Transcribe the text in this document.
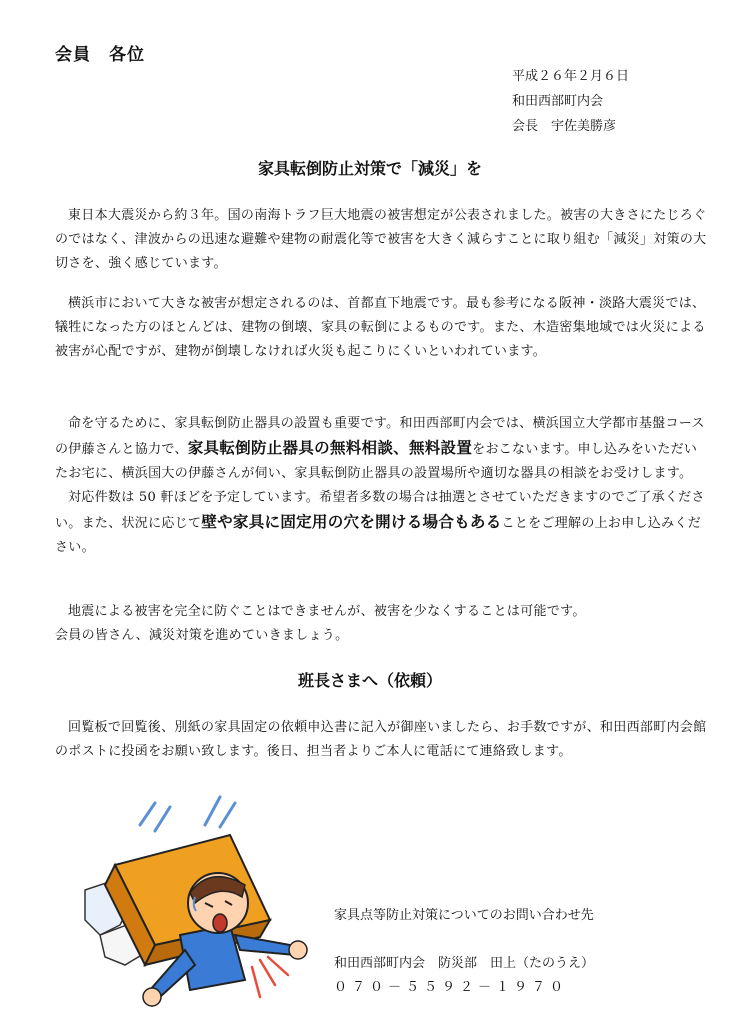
会員　各位
平成２６年２月６日
和田西部町内会
会長　宇佐美勝彦
家具転倒防止対策で「減災」を

東日本大震災から約３年。国の南海トラフ巨大地震の被害想定が公表されました。被害の大きさにたじろぐのではなく、津波からの迅速な避難や建物の耐震化等で被害を大きく減らすことに取り組む「減災」対策の大切さを、強く感じています。

横浜市において大きな被害が想定されるのは、首都直下地震です。最も参考になる阪神・淡路大震災では、犠牲になった方のほとんどは、建物の倒壊、家具の転倒によるものです。また、木造密集地域では火災による被害が心配ですが、建物が倒壊しなければ火災も起こりにくいといわれています。

命を守るために、家具転倒防止器具の設置も重要です。和田西部町内会では、横浜国立大学都市基盤コースの伊藤さんと協力で、家具転倒防止器具の無料相談、無料設置をおこないます。申し込みをいただいたお宅に、横浜国大の伊藤さんが伺い、家具転倒防止器具の設置場所や適切な器具の相談をお受けします。

対応件数は 50 軒ほどを予定しています。希望者多数の場合は抽選とさせていただきますのでご了承ください。また、状況に応じて壁や家具に固定用の穴を開ける場合もあることをご理解の上お申し込みください。

地震による被害を完全に防ぐことはできませんが、被害を少なくすることは可能です。

会員の皆さん、減災対策を進めていきましょう。

班長さまへ（依頼）

回覧板で回覧後、別紙の家具固定の依頼申込書に記入が御座いましたら、お手数ですが、和田西部町内会館のポストに投函をお願い致します。後日、担当者よりご本人に電話にて連絡致します。

家具点等防止対策についてのお問い合わせ先
和田西部町内会　防災部　田上（たのうえ）
０７０－５５９２－１９７０
